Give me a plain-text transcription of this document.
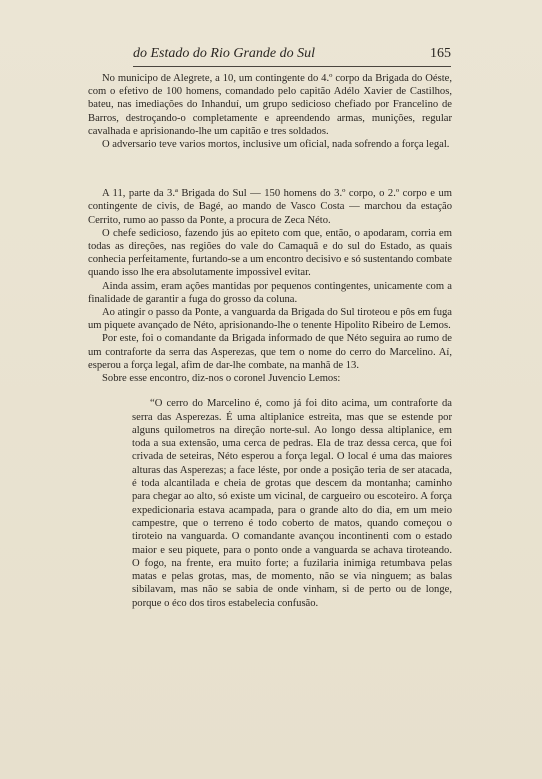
do Estado do Rio Grande do Sul	165

No municipo de Alegrete, a 10, um contingente do 4.º corpo da Brigada do Oéste, com o efetivo de 100 homens, comandado pelo capitão Adélo Xavier de Castilhos, bateu, nas imediações do Inhanduí, um grupo sedicioso chefiado por Francelino de Barros, destroçando-o completamente e apreendendo armas, munições, regular cavalhada e aprisionando-lhe um capitão e tres soldados.

O adversario teve varios mortos, inclusive um oficial, nada sofrendo a força legal.

A 11, parte da 3.ª Brigada do Sul — 150 homens do 3.º corpo, o 2.º corpo e um contingente de civis, de Bagé, ao mando de Vasco Costa — marchou da estação Cerrito, rumo ao passo da Ponte, a procura de Zeca Néto.

O chefe sedicioso, fazendo jús ao epiteto com que, então, o apodaram, corria em todas as direções, nas regiões do vale do Camaquã e do sul do Estado, as quais conhecia perfeitamente, furtando-se a um encontro decisivo e só sustentando combate quando isso lhe era absolutamente impossivel evitar.

Ainda assim, eram ações mantidas por pequenos contingentes, unicamente com a finalidade de garantir a fuga do grosso da coluna.

Ao atingir o passo da Ponte, a vanguarda da Brigada do Sul tiroteou e pôs em fuga um piquete avançado de Néto, aprisionando-lhe o tenente Hipolito Ribeiro de Lemos.

Por este, foi o comandante da Brigada informado de que Néto seguira ao rumo de um contraforte da serra das Asperezas, que tem o nome do cerro do Marcelino. Aí, esperou a força legal, afim de dar-lhe combate, na manhã de 13.

Sobre esse encontro, diz-nos o coronel Juvencio Lemos:

“O cerro do Marcelino é, como já foi dito acima, um contraforte da serra das Asperezas. É uma altiplanice estreita, mas que se estende por alguns quilometros na direção norte-sul. Ao longo dessa altiplanice, em toda a sua extensão, uma cerca de pedras. Ela de traz dessa cerca, que foi crivada de seteiras, Néto esperou a força legal. O local é uma das maiores alturas das Asperezas; a face léste, por onde a posição teria de ser atacada, é toda alcantilada e cheia de grotas que descem da montanha; caminho para chegar ao alto, só existe um vicinal, de cargueiro ou escoteiro. A força expedicionaria estava acampada, para o grande alto do dia, em um meio campestre, que o terreno é todo coberto de matos, quando começou o tiroteio na vanguarda. O comandante avançou incontinenti com o estado maior e seu piquete, para o ponto onde a vanguarda se achava tiroteando. O fogo, na frente, era muito forte; a fuzilaria inimiga retumbava pelas matas e pelas grotas, mas, de momento, não se via ninguem; as balas sibilavam, mas não se sabia de onde vinham, si de perto ou de longe, porque o éco dos tiros estabelecia confusão.
